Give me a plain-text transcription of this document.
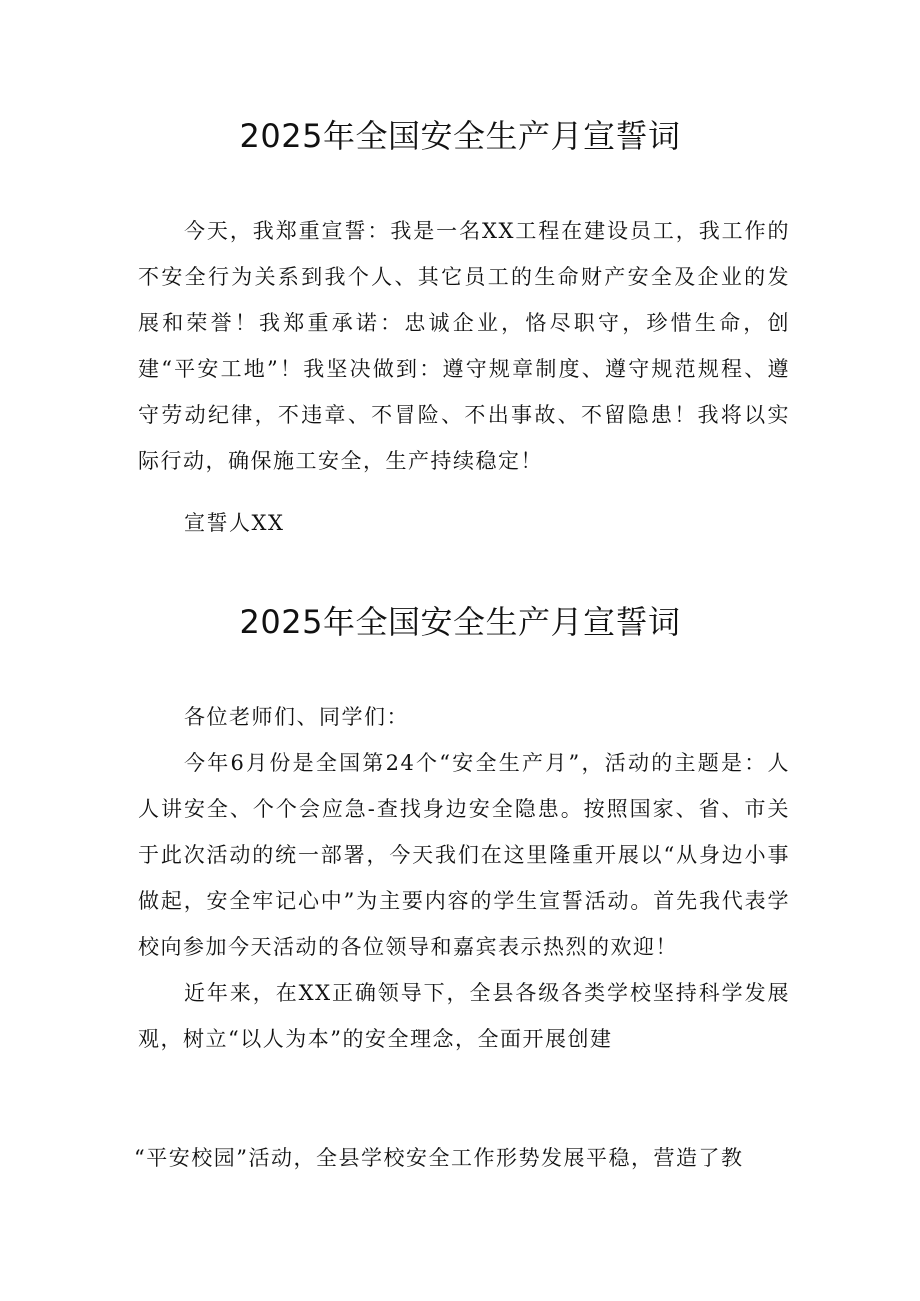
2025年全国安全生产月宣誓词

今天，我郑重宣誓：我是一名XX工程在建设员工，我工作的不安全行为关系到我个人、其它员工的生命财产安全及企业的发展和荣誉！我郑重承诺：忠诚企业，恪尽职守，珍惜生命，创建“平安工地”！我坚决做到：遵守规章制度、遵守规范规程、遵守劳动纪律，不违章、不冒险、不出事故、不留隐患！我将以实际行动，确保施工安全，生产持续稳定！

宣誓人XX

2025年全国安全生产月宣誓词

各位老师们、同学们：

今年6月份是全国第24个“安全生产月”，活动的主题是：人人讲安全、个个会应急-查找身边安全隐患。按照国家、省、市关于此次活动的统一部署，今天我们在这里隆重开展以“从身边小事做起，安全牢记心中”为主要内容的学生宣誓活动。首先我代表学校向参加今天活动的各位领导和嘉宾表示热烈的欢迎！

近年来，在XX正确领导下，全县各级各类学校坚持科学发展观，树立“以人为本”的安全理念，全面开展创建

“平安校园”活动，全县学校安全工作形势发展平稳，营造了教
